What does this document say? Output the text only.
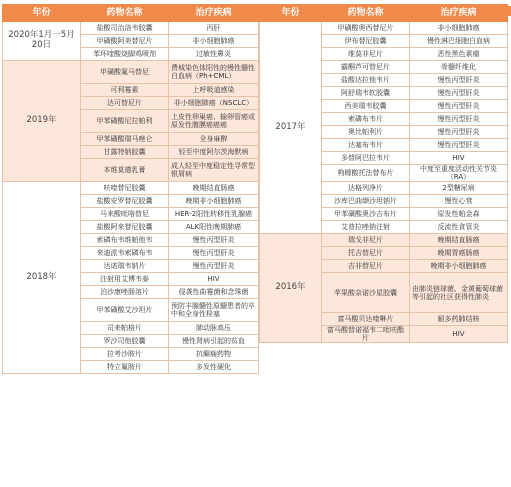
年份	药物名称	治疗疾病
2020年1月一5月20日	盐酸司治洛韦胶囊	丙肝
	甲磺酸阿美替尼片	非小细胞肺癌
	苯环喹酸烧脚鸡喷剂	过敏性鼻炎
2019年	甲磺酸氟马替尼	费城染色体阳性的慢性髓性白血病（Ph+CML）
	可利霉素	上呼吸道感染
	达可替尼片	非小细胞肺癌（NSCLC）
	甲苯磺酸尼拉帕利	上皮性卵巢癌、输卵管癌或原发性腹膜癌癌癌
	甲苯磺酸瑞马唑仑	全身麻醉
	甘露特钠胶囊	轻至中度阿尔茨海默病
	本维莫德乳膏	成人轻至中度稳定性寻常型银屑病
2018年	呋喹替尼胶囊	晚期结直肠癌
	盐酸安罗替尼胶囊	晚期非小细胞肺癌
	马来酸吡咯替尼	HER-2阳性转移性乳腺癌
	盐酸阿来替尼胶囊	ALK阳性晚期肺癌
	索磷布韦维帕他韦	慢性丙型肝炎
	来迪派韦索磷布韦	慢性丙型肝炎
	达诺瑞韦钠片	慢性丙型肝炎
	注射用艾博韦泰	HIV
	泊沙康唑肠溶片	侵袭性曲霉菌和念珠菌
	甲苯磺酸艾沙坦片	预防丰腺髓性原髓患者的卒中和全身性栓塞
	司来帕格片	肺动脉高压
	罗沙司他胶囊	慢性肾病引起的贫血
	拉考沙胺片	抗癫痫药物
	特立氟胺片	多发性硬化
年份	药物名称	治疗疾病
2017年	甲磺酸奥西替尼片	非小细胞肺癌
	伊布替尼胶囊	慢性淋巴细胞白血病
	维莫非尼片	恶性黑色素瘤
	霸酮芦可替尼片	骨髓纤维化
	盐酸达拉他韦片	慢性丙型肝炎
	阿舒瑞韦软胶囊	慢性丙型肝炎
	西美瑞韦胶囊	慢性丙型肝炎
	索磷布韦片	慢性丙型肝炎
	奥比帕利片	慢性丙型肝炎
	达塞布韦片	慢性丙型肝炎
	多替阿巴拉韦片	HIV
	枸橼酸托法替布片	中度至重度活动性关节炎（RA）
	达格列净片	2型糖尿病
	沙库巴曲缬沙坦钠片	慢性心衰
	甲苯磺酸奥沙吉布片	原发性帕金森
	艾普拉唑钠注射	反流性食管炎
2016年	瑞戈非尼片	晚期结直肠癌
	托吉替尼片	晚期胃癌肠癌
	吉非替尼片	晚期非小细胞肺癌
	苹果酸奈诺沙星胶囊	由肺炎链球菌、金黄葡萄球菌等引起的社区获得性肺炎
	富马酸贝达喹啉片	耐多药肺结核
	富马酸替诺福韦二吡呋酯片	HIV
